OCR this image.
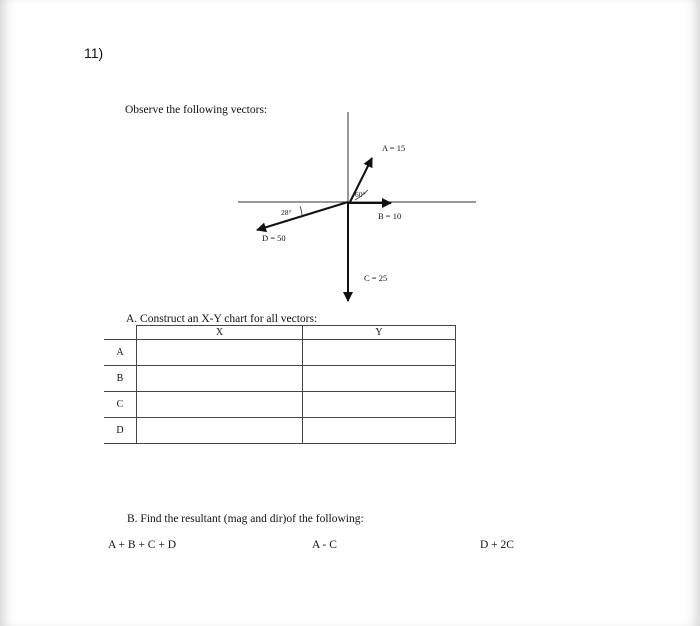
11)
Observe the following vectors:
A = 15
B = 10
C = 25
D = 50
60°
28°
A. Construct an X-Y chart for all vectors:
	X	Y
A		
B		
C		
D		
B. Find the resultant (mag and dir)of the following:
A + B + C + D	A - C	D + 2C
